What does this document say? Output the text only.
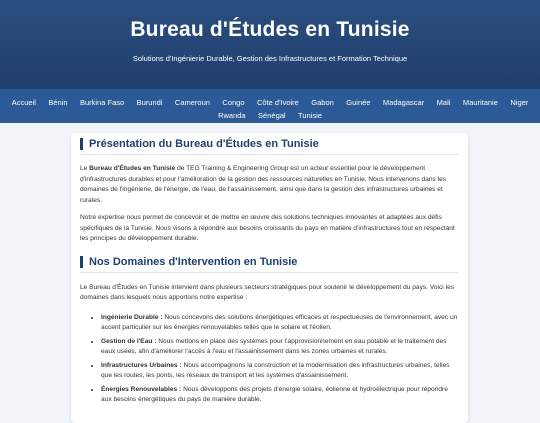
Bureau d'Études en Tunisie
Solutions d'Ingénierie Durable, Gestion des Infrastructures et Formation Technique
Accueil Bénin Burkina Faso Burundi Cameroun Congo Côte d'Ivoire Gabon Guinée Madagascar Mali Mauritanie Niger Rwanda Sénégal Tunisie
Présentation du Bureau d'Études en Tunisie

Le Bureau d'Études en Tunisie de TEG Training & Engineering Group est un acteur essentiel pour le développement d'infrastructures durables et pour l'amélioration de la gestion des ressources naturelles en Tunisie. Nous intervenons dans les domaines de l'ingénierie, de l'énergie, de l'eau, de l'assainissement, ainsi que dans la gestion des infrastructures urbaines et rurales.

Notre expertise nous permet de concevoir et de mettre en œuvre des solutions techniques innovantes et adaptées aux défis spécifiques de la Tunisie. Nous visons à répondre aux besoins croissants du pays en matière d'infrastructures tout en respectant les principes du développement durable.

Nos Domaines d'Intervention en Tunisie

Le Bureau d'Études en Tunisie intervient dans plusieurs secteurs stratégiques pour soutenir le développement du pays. Voici les domaines dans lesquels nous apportons notre expertise :

• Ingénierie Durable : Nous concevons des solutions énergétiques efficaces et respectueuses de l'environnement, avec un accent particulier sur les énergies renouvelables telles que le solaire et l'éolien.
• Gestion de l'Eau : Nous mettons en place des systèmes pour l'approvisionnement en eau potable et le traitement des eaux usées, afin d'améliorer l'accès à l'eau et l'assainissement dans les zones urbaines et rurales.
• Infrastructures Urbaines : Nous accompagnons la construction et la modernisation des infrastructures urbaines, telles que les routes, les ponts, les réseaux de transport et les systèmes d'assainissement.
• Énergies Renouvelables : Nous développons des projets d'énergie solaire, éolienne et hydroélectrique pour répondre aux besoins énergétiques du pays de manière durable.
